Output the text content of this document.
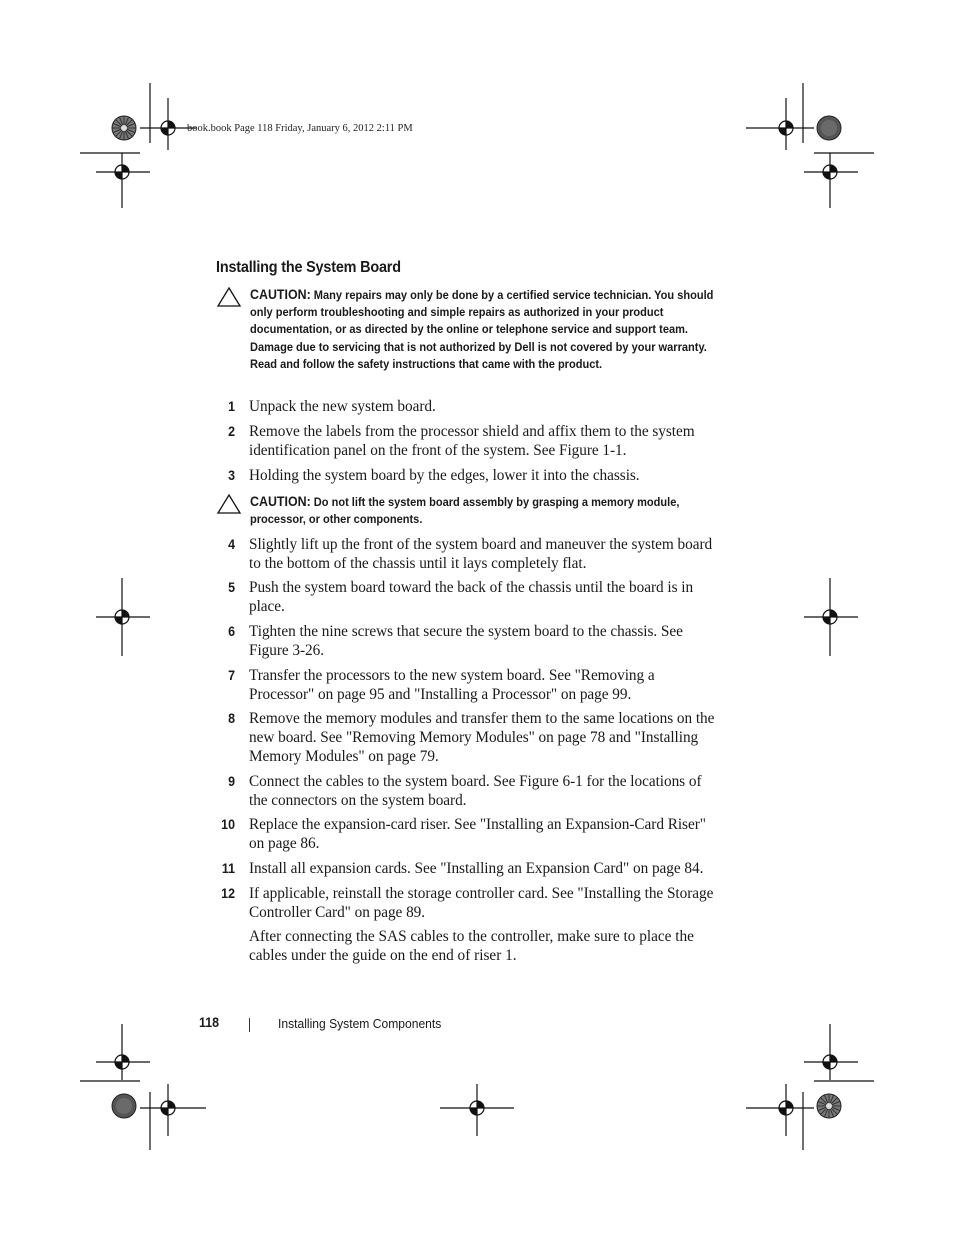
book.book Page 118 Friday, January 6, 2012 2:11 PM
Installing the System Board
CAUTION: Many repairs may only be done by a certified service technician. You should only perform troubleshooting and simple repairs as authorized in your product documentation, or as directed by the online or telephone service and support team. Damage due to servicing that is not authorized by Dell is not covered by your warranty. Read and follow the safety instructions that came with the product.
1 Unpack the new system board.
2 Remove the labels from the processor shield and affix them to the system identification panel on the front of the system. See Figure 1-1.
3 Holding the system board by the edges, lower it into the chassis.
CAUTION: Do not lift the system board assembly by grasping a memory module, processor, or other components.
4 Slightly lift up the front of the system board and maneuver the system board to the bottom of the chassis until it lays completely flat.
5 Push the system board toward the back of the chassis until the board is in place.
6 Tighten the nine screws that secure the system board to the chassis. See Figure 3-26.
7 Transfer the processors to the new system board. See "Removing a Processor" on page 95 and "Installing a Processor" on page 99.
8 Remove the memory modules and transfer them to the same locations on the new board. See "Removing Memory Modules" on page 78 and "Installing Memory Modules" on page 79.
9 Connect the cables to the system board. See Figure 6-1 for the locations of the connectors on the system board.
10 Replace the expansion-card riser. See "Installing an Expansion-Card Riser" on page 86.
11 Install all expansion cards. See "Installing an Expansion Card" on page 84.
12 If applicable, reinstall the storage controller card. See "Installing the Storage Controller Card" on page 89.
After connecting the SAS cables to the controller, make sure to place the cables under the guide on the end of riser 1.
118	Installing System Components
